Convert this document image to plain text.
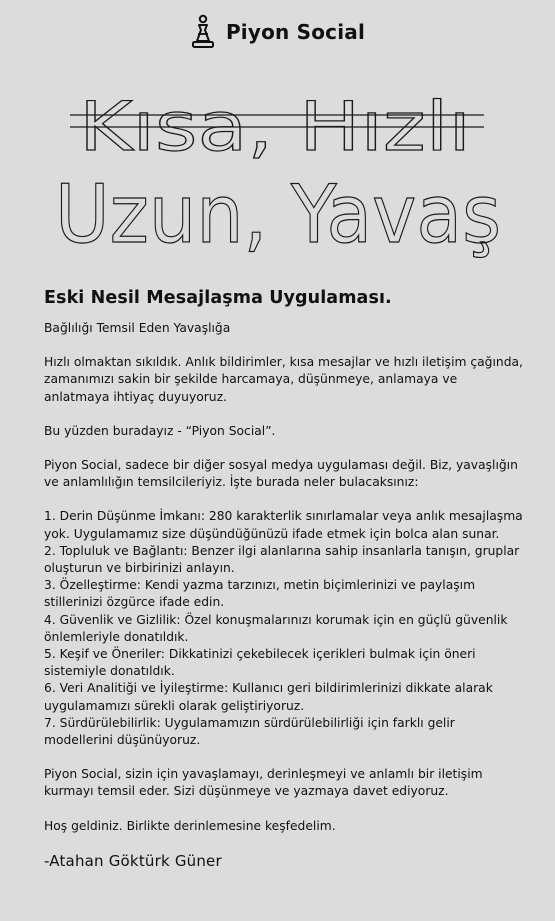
Piyon Social
Kısa, Hızlı
Uzun, Yavaş
Eski Nesil Mesajlaşma Uygulaması.

Bağlılığı Temsil Eden Yavaşlığa

Hızlı olmaktan sıkıldık. Anlık bildirimler, kısa mesajlar ve hızlı iletişim çağında, zamanımızı sakin bir şekilde harcamaya, düşünmeye, anlamaya ve anlatmaya ihtiyaç duyuyoruz.

Bu yüzden buradayız - “Piyon Social”.

Piyon Social, sadece bir diğer sosyal medya uygulaması değil. Biz, yavaşlığın ve anlamlılığın temsilcileriyiz. İşte burada neler bulacaksınız:

1. Derin Düşünme İmkanı: 280 karakterlik sınırlamalar veya anlık mesajlaşma yok. Uygulamamız size düşündüğünüzü ifade etmek için bolca alan sunar.
2. Topluluk ve Bağlantı: Benzer ilgi alanlarına sahip insanlarla tanışın, gruplar oluşturun ve birbirinizi anlayın.
3. Özelleştirme: Kendi yazma tarzınızı, metin biçimlerinizi ve paylaşım stillerinizi özgürce ifade edin.
4. Güvenlik ve Gizlilik: Özel konuşmalarınızı korumak için en güçlü güvenlik önlemleriyle donatıldık.
5. Keşif ve Öneriler: Dikkatinizi çekebilecek içerikleri bulmak için öneri sistemiyle donatıldık.
6. Veri Analitiği ve İyileştirme: Kullanıcı geri bildirimlerinizi dikkate alarak uygulamamızı sürekli olarak geliştiriyoruz.
7. Sürdürülebilirlik: Uygulamamızın sürdürülebilirliği için farklı gelir modellerini düşünüyoruz.

Piyon Social, sizin için yavaşlamayı, derinleşmeyi ve anlamlı bir iletişim kurmayı temsil eder. Sizi düşünmeye ve yazmaya davet ediyoruz.

Hoş geldiniz. Birlikte derinlemesine keşfedelim.

-Atahan Göktürk Güner
